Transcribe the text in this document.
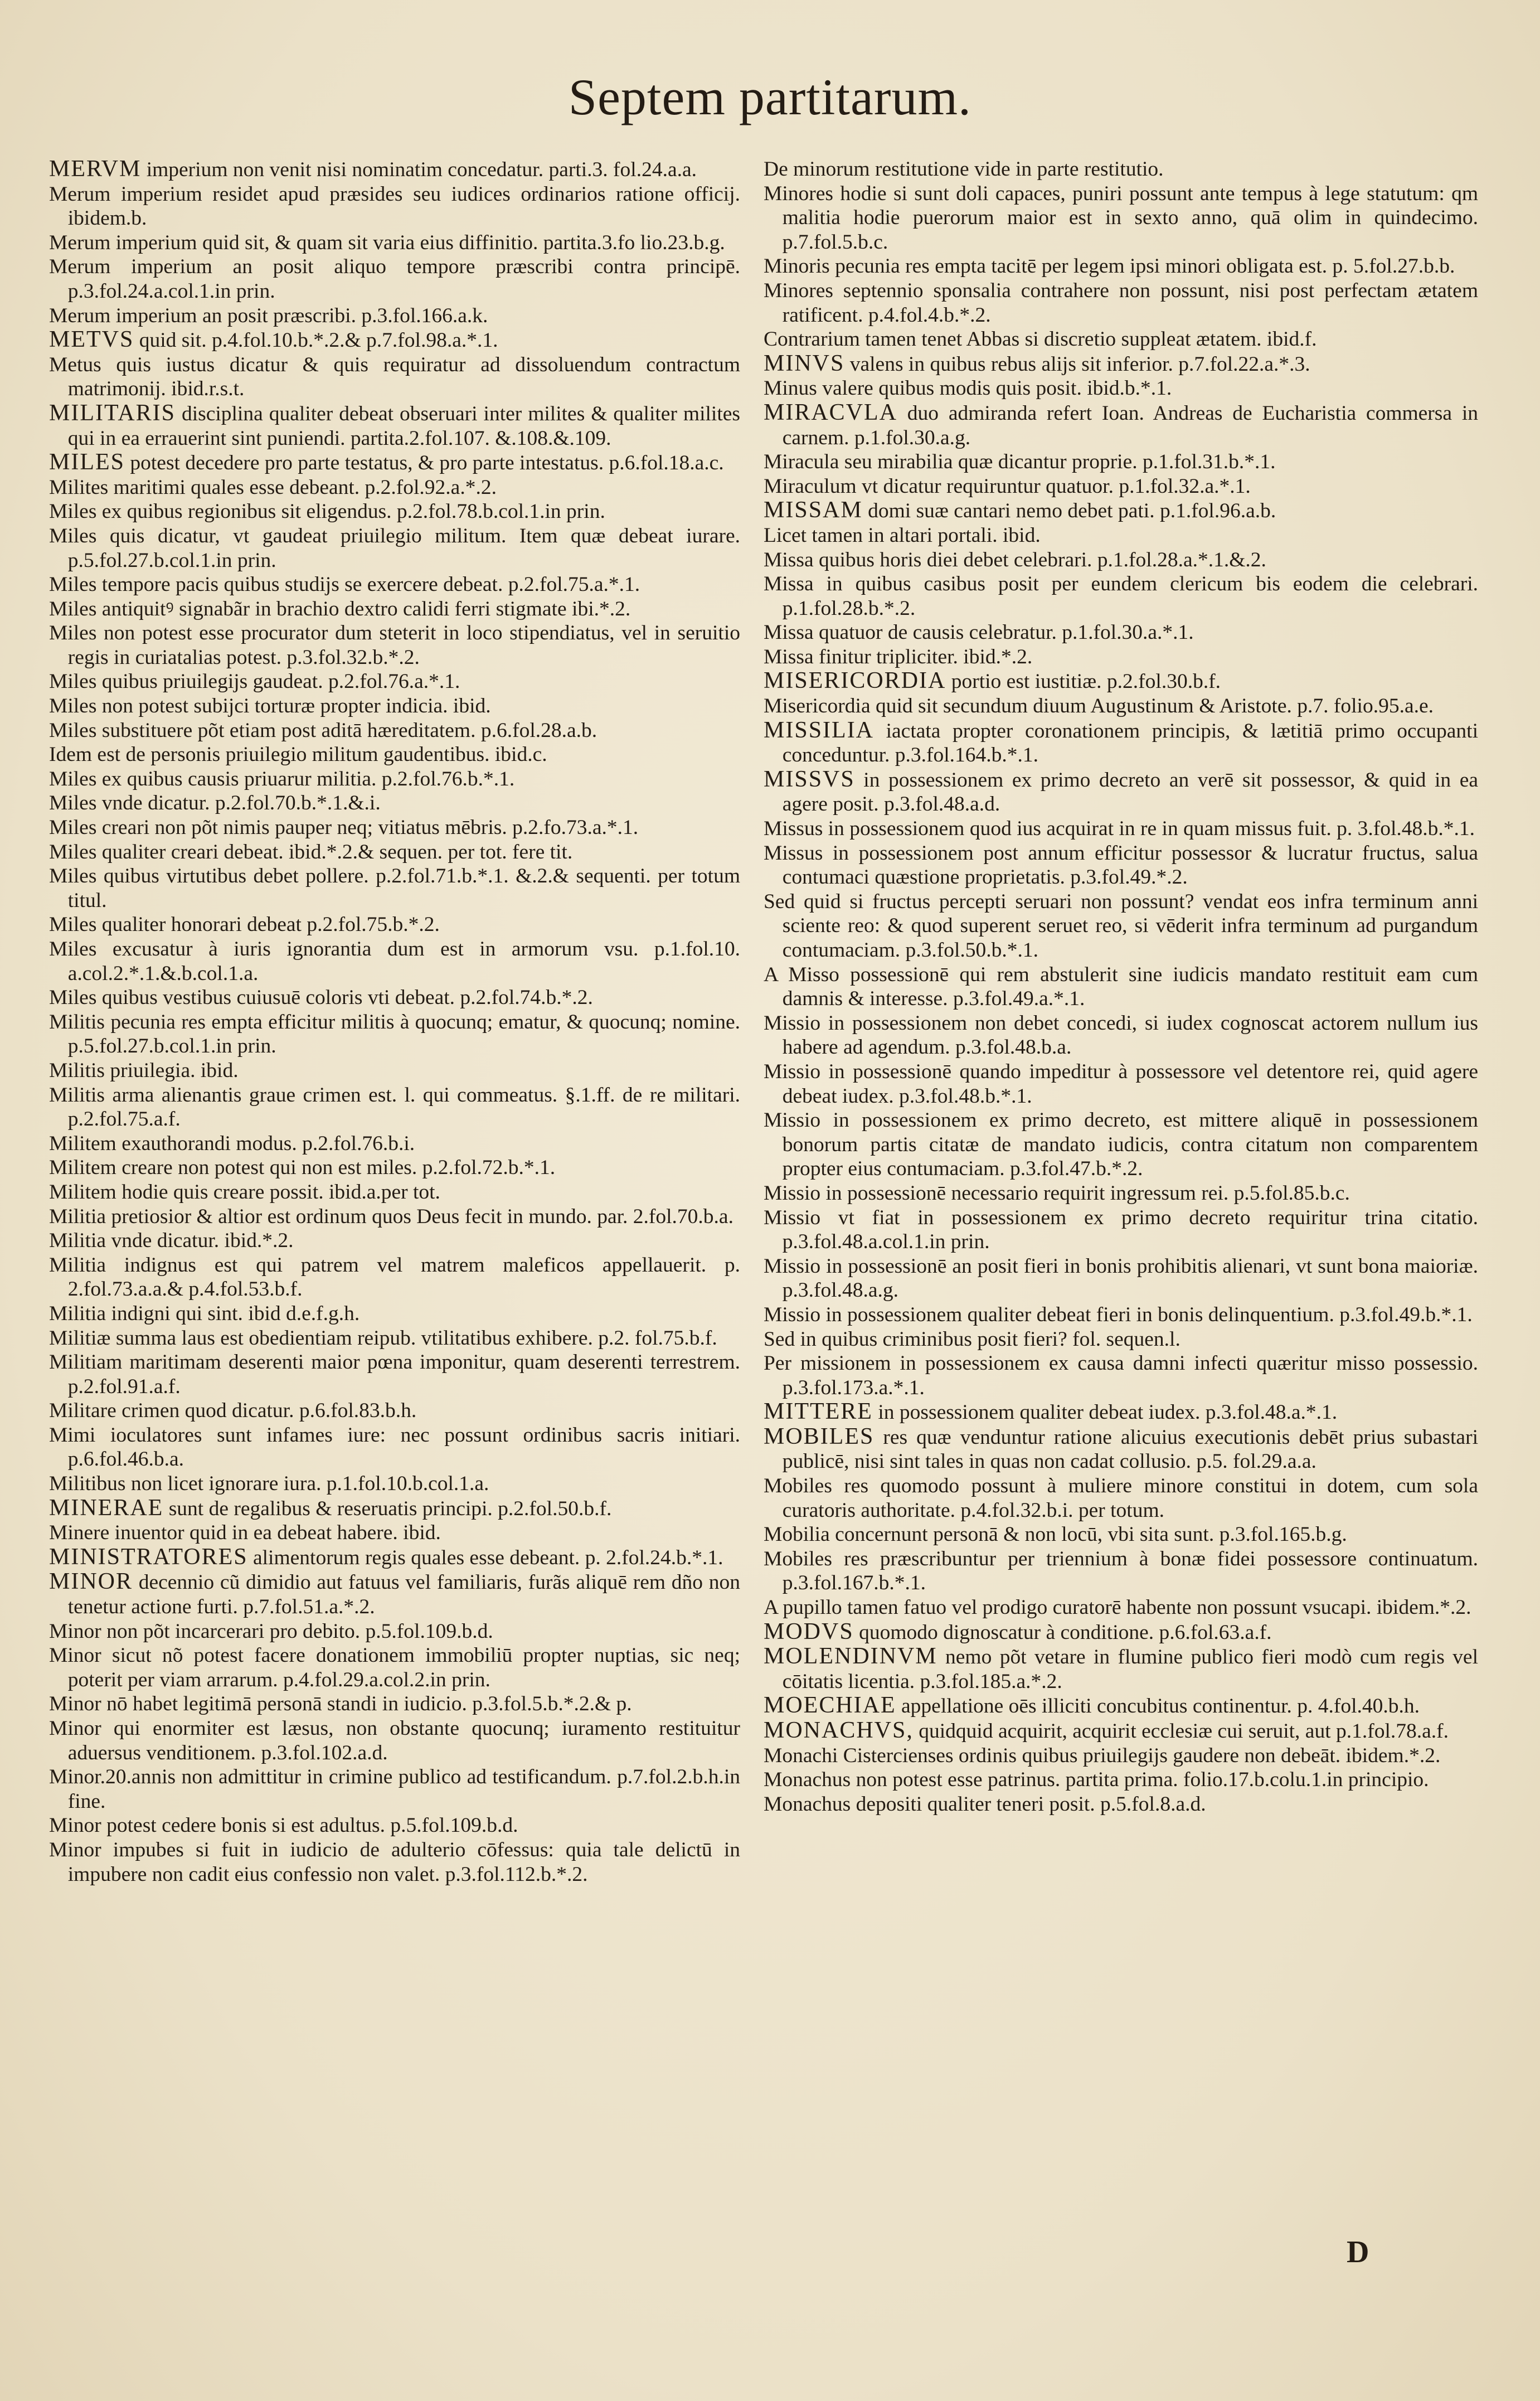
Septem partitarum.
MERVM imperium non venit nisi nominatim concedatur. parti.3. fol.24.a.a.
Merum imperium residet apud præsides seu iudices ordinarios ratione officij. ibidem.b.
Merum imperium quid sit, & quam sit varia eius diffinitio. partita.3.fo lio.23.b.g.
Merum imperium an posit aliquo tempore præscribi contra principē. p.3.fol.24.a.col.1.in prin.
Merum imperium an posit præscribi. p.3.fol.166.a.k.
METVS quid sit. p.4.fol.10.b.*.2.& p.7.fol.98.a.*.1.
Metus quis iustus dicatur & quis requiratur ad dissoluendum contractum matrimonij. ibid.r.s.t.
MILITARIS disciplina qualiter debeat obseruari inter milites & qualiter milites qui in ea errauerint sint puniendi. partita.2.fol.107. &.108.&.109.
MILES potest decedere pro parte testatus, & pro parte intestatus. p.6.fol.18.a.c.
Milites maritimi quales esse debeant. p.2.fol.92.a.*.2.
Miles ex quibus regionibus sit eligendus. p.2.fol.78.b.col.1.in prin.
Miles quis dicatur, vt gaudeat priuilegio militum. Item quæ debeat iurare. p.5.fol.27.b.col.1.in prin.
Miles tempore pacis quibus studijs se exercere debeat. p.2.fol.75.a.*.1.
Miles antiquitꝰ signabãr in brachio dextro calidi ferri stigmate ibi.*.2.
Miles non potest esse procurator dum steterit in loco stipendiatus, vel in seruitio regis in curiatalias potest. p.3.fol.32.b.*.2.
Miles quibus priuilegijs gaudeat. p.2.fol.76.a.*.1.
Miles non potest subijci torturæ propter indicia. ibid.
Miles substituere põt etiam post aditā hæreditatem. p.6.fol.28.a.b.
Idem est de personis priuilegio militum gaudentibus. ibid.c.
Miles ex quibus causis priuarur militia. p.2.fol.76.b.*.1.
Miles vnde dicatur. p.2.fol.70.b.*.1.&.i.
Miles creari non põt nimis pauper neq; vitiatus mēbris. p.2.fo.73.a.*.1.
Miles qualiter creari debeat. ibid.*.2.& sequen. per tot. fere tit.
Miles quibus virtutibus debet pollere. p.2.fol.71.b.*.1. &.2.& sequenti. per totum titul.
Miles qualiter honorari debeat p.2.fol.75.b.*.2.
Miles excusatur à iuris ignorantia dum est in armorum vsu. p.1.fol.10. a.col.2.*.1.&.b.col.1.a.
Miles quibus vestibus cuiusuē coloris vti debeat. p.2.fol.74.b.*.2.
Militis pecunia res empta efficitur militis à quocunq; ematur, & quocunq; nomine. p.5.fol.27.b.col.1.in prin.
Militis priuilegia. ibid.
Militis arma alienantis graue crimen est. l. qui commeatus. §.1.ff. de re militari. p.2.fol.75.a.f.
Militem exauthorandi modus. p.2.fol.76.b.i.
Militem creare non potest qui non est miles. p.2.fol.72.b.*.1.
Militem hodie quis creare possit. ibid.a.per tot.
Militia pretiosior & altior est ordinum quos Deus fecit in mundo. par. 2.fol.70.b.a.
Militia vnde dicatur. ibid.*.2.
Militia indignus est qui patrem vel matrem maleficos appellauerit. p. 2.fol.73.a.a.& p.4.fol.53.b.f.
Militia indigni qui sint. ibid d.e.f.g.h.
Militiæ summa laus est obedientiam reipub. vtilitatibus exhibere. p.2. fol.75.b.f.
Militiam maritimam deserenti maior pœna imponitur, quam deserenti terrestrem. p.2.fol.91.a.f.
Militare crimen quod dicatur. p.6.fol.83.b.h.
Mimi ioculatores sunt infames iure: nec possunt ordinibus sacris initiari. p.6.fol.46.b.a.
Militibus non licet ignorare iura. p.1.fol.10.b.col.1.a.
MINERAE sunt de regalibus & reseruatis principi. p.2.fol.50.b.f.
Minere inuentor quid in ea debeat habere. ibid.
MINISTRATORES alimentorum regis quales esse debeant. p. 2.fol.24.b.*.1.
MINOR decennio cũ dimidio aut fatuus vel familiaris, furãs aliquē rem dño non tenetur actione furti. p.7.fol.51.a.*.2.
Minor non põt incarcerari pro debito. p.5.fol.109.b.d.
Minor sicut nõ potest facere donationem immobiliū propter nuptias, sic neq; poterit per viam arrarum. p.4.fol.29.a.col.2.in prin.
Minor nō habet legitimā personā standi in iudicio. p.3.fol.5.b.*.2.& p.
Minor qui enormiter est læsus, non obstante quocunq; iuramento restituitur aduersus venditionem. p.3.fol.102.a.d.
Minor.20.annis non admittitur in crimine publico ad testificandum. p.7.fol.2.b.h.in fine.
Minor potest cedere bonis si est adultus. p.5.fol.109.b.d.
Minor impubes si fuit in iudicio de adulterio cōfessus: quia tale delictū in impubere non cadit eius confessio non valet. p.3.fol.112.b.*.2.
De minorum restitutione vide in parte restitutio.
Minores hodie si sunt doli capaces, puniri possunt ante tempus à lege statutum: qm malitia hodie puerorum maior est in sexto anno, quā olim in quindecimo. p.7.fol.5.b.c.
Minoris pecunia res empta tacitē per legem ipsi minori obligata est. p. 5.fol.27.b.b.
Minores septennio sponsalia contrahere non possunt, nisi post perfectam ætatem ratificent. p.4.fol.4.b.*.2.
Contrarium tamen tenet Abbas si discretio suppleat ætatem. ibid.f.
MINVS valens in quibus rebus alijs sit inferior. p.7.fol.22.a.*.3.
Minus valere quibus modis quis posit. ibid.b.*.1.
MIRACVLA duo admiranda refert Ioan. Andreas de Eucharistia commersa in carnem. p.1.fol.30.a.g.
Miracula seu mirabilia quæ dicantur proprie. p.1.fol.31.b.*.1.
Miraculum vt dicatur requiruntur quatuor. p.1.fol.32.a.*.1.
MISSAM domi suæ cantari nemo debet pati. p.1.fol.96.a.b.
Licet tamen in altari portali. ibid.
Missa quibus horis diei debet celebrari. p.1.fol.28.a.*.1.&.2.
Missa in quibus casibus posit per eundem clericum bis eodem die celebrari. p.1.fol.28.b.*.2.
Missa quatuor de causis celebratur. p.1.fol.30.a.*.1.
Missa finitur tripliciter. ibid.*.2.
MISERICORDIA portio est iustitiæ. p.2.fol.30.b.f.
Misericordia quid sit secundum diuum Augustinum & Aristote. p.7. folio.95.a.e.
MISSILIA iactata propter coronationem principis, & lætitiā primo occupanti conceduntur. p.3.fol.164.b.*.1.
MISSVS in possessionem ex primo decreto an verē sit possessor, & quid in ea agere posit. p.3.fol.48.a.d.
Missus in possessionem quod ius acquirat in re in quam missus fuit. p. 3.fol.48.b.*.1.
Missus in possessionem post annum efficitur possessor & lucratur fructus, salua contumaci quæstione proprietatis. p.3.fol.49.*.2.
Sed quid si fructus percepti seruari non possunt? vendat eos infra terminum anni sciente reo: & quod superent seruet reo, si vēderit infra terminum ad purgandum contumaciam. p.3.fol.50.b.*.1.
A Misso possessionē qui rem abstulerit sine iudicis mandato restituit eam cum damnis & interesse. p.3.fol.49.a.*.1.
Missio in possessionem non debet concedi, si iudex cognoscat actorem nullum ius habere ad agendum. p.3.fol.48.b.a.
Missio in possessionē quando impeditur à possessore vel detentore rei, quid agere debeat iudex. p.3.fol.48.b.*.1.
Missio in possessionem ex primo decreto, est mittere aliquē in possessionem bonorum partis citatæ de mandato iudicis, contra citatum non comparentem propter eius contumaciam. p.3.fol.47.b.*.2.
Missio in possessionē necessario requirit ingressum rei. p.5.fol.85.b.c.
Missio vt fiat in possessionem ex primo decreto requiritur trina citatio. p.3.fol.48.a.col.1.in prin.
Missio in possessionē an posit fieri in bonis prohibitis alienari, vt sunt bona maioriæ. p.3.fol.48.a.g.
Missio in possessionem qualiter debeat fieri in bonis delinquentium. p.3.fol.49.b.*.1.
Sed in quibus criminibus posit fieri? fol. sequen.l.
Per missionem in possessionem ex causa damni infecti quæritur misso possessio. p.3.fol.173.a.*.1.
MITTERE in possessionem qualiter debeat iudex. p.3.fol.48.a.*.1.
MOBILES res quæ venduntur ratione alicuius executionis debēt prius subastari publicē, nisi sint tales in quas non cadat collusio. p.5. fol.29.a.a.
Mobiles res quomodo possunt à muliere minore constitui in dotem, cum sola curatoris authoritate. p.4.fol.32.b.i. per totum.
Mobilia concernunt personā & non locū, vbi sita sunt. p.3.fol.165.b.g.
Mobiles res præscribuntur per triennium à bonæ fidei possessore continuatum. p.3.fol.167.b.*.1.
A pupillo tamen fatuo vel prodigo curatorē habente non possunt vsucapi. ibidem.*.2.
MODVS quomodo dignoscatur à conditione. p.6.fol.63.a.f.
MOLENDINVM nemo põt vetare in flumine publico fieri modò cum regis vel cōitatis licentia. p.3.fol.185.a.*.2.
MOECHIAE appellatione oēs illiciti concubitus continentur. p. 4.fol.40.b.h.
MONACHVS, quidquid acquirit, acquirit ecclesiæ cui seruit, aut p.1.fol.78.a.f.
Monachi Cistercienses ordinis quibus priuilegijs gaudere non debeāt. ibidem.*.2.
Monachus non potest esse patrinus. partita prima. folio.17.b.colu.1.in principio.
Monachus depositi qualiter teneri posit. p.5.fol.8.a.d.
D
